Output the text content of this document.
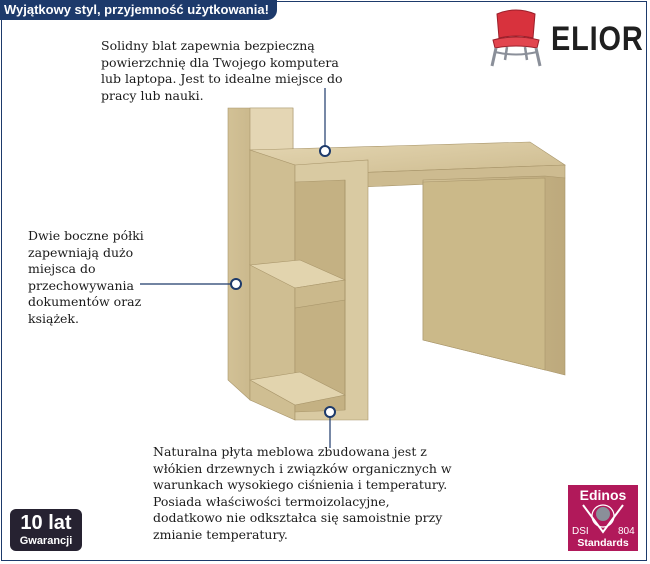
Wyjątkowy styl, przyjemność użytkowania!
ELIOR
Solidny blat zapewnia bezpieczną
powierzchnię dla Twojego komputera
lub laptopa. Jest to idealne miejsce do
pracy lub nauki.
Dwie boczne półki
zapewniają dużo
miejsca do
przechowywania
dokumentów oraz
książek.
Naturalna płyta meblowa zbudowana jest z
włókien drzewnych i związków organicznych w
warunkach wysokiego ciśnienia i temperatury.
Posiada właściwości termoizolacyjne,
dodatkowo nie odkształca się samoistnie przy
zmianie temperatury.
10 lat
Gwarancji
Edinos
DSI	804
Standards
